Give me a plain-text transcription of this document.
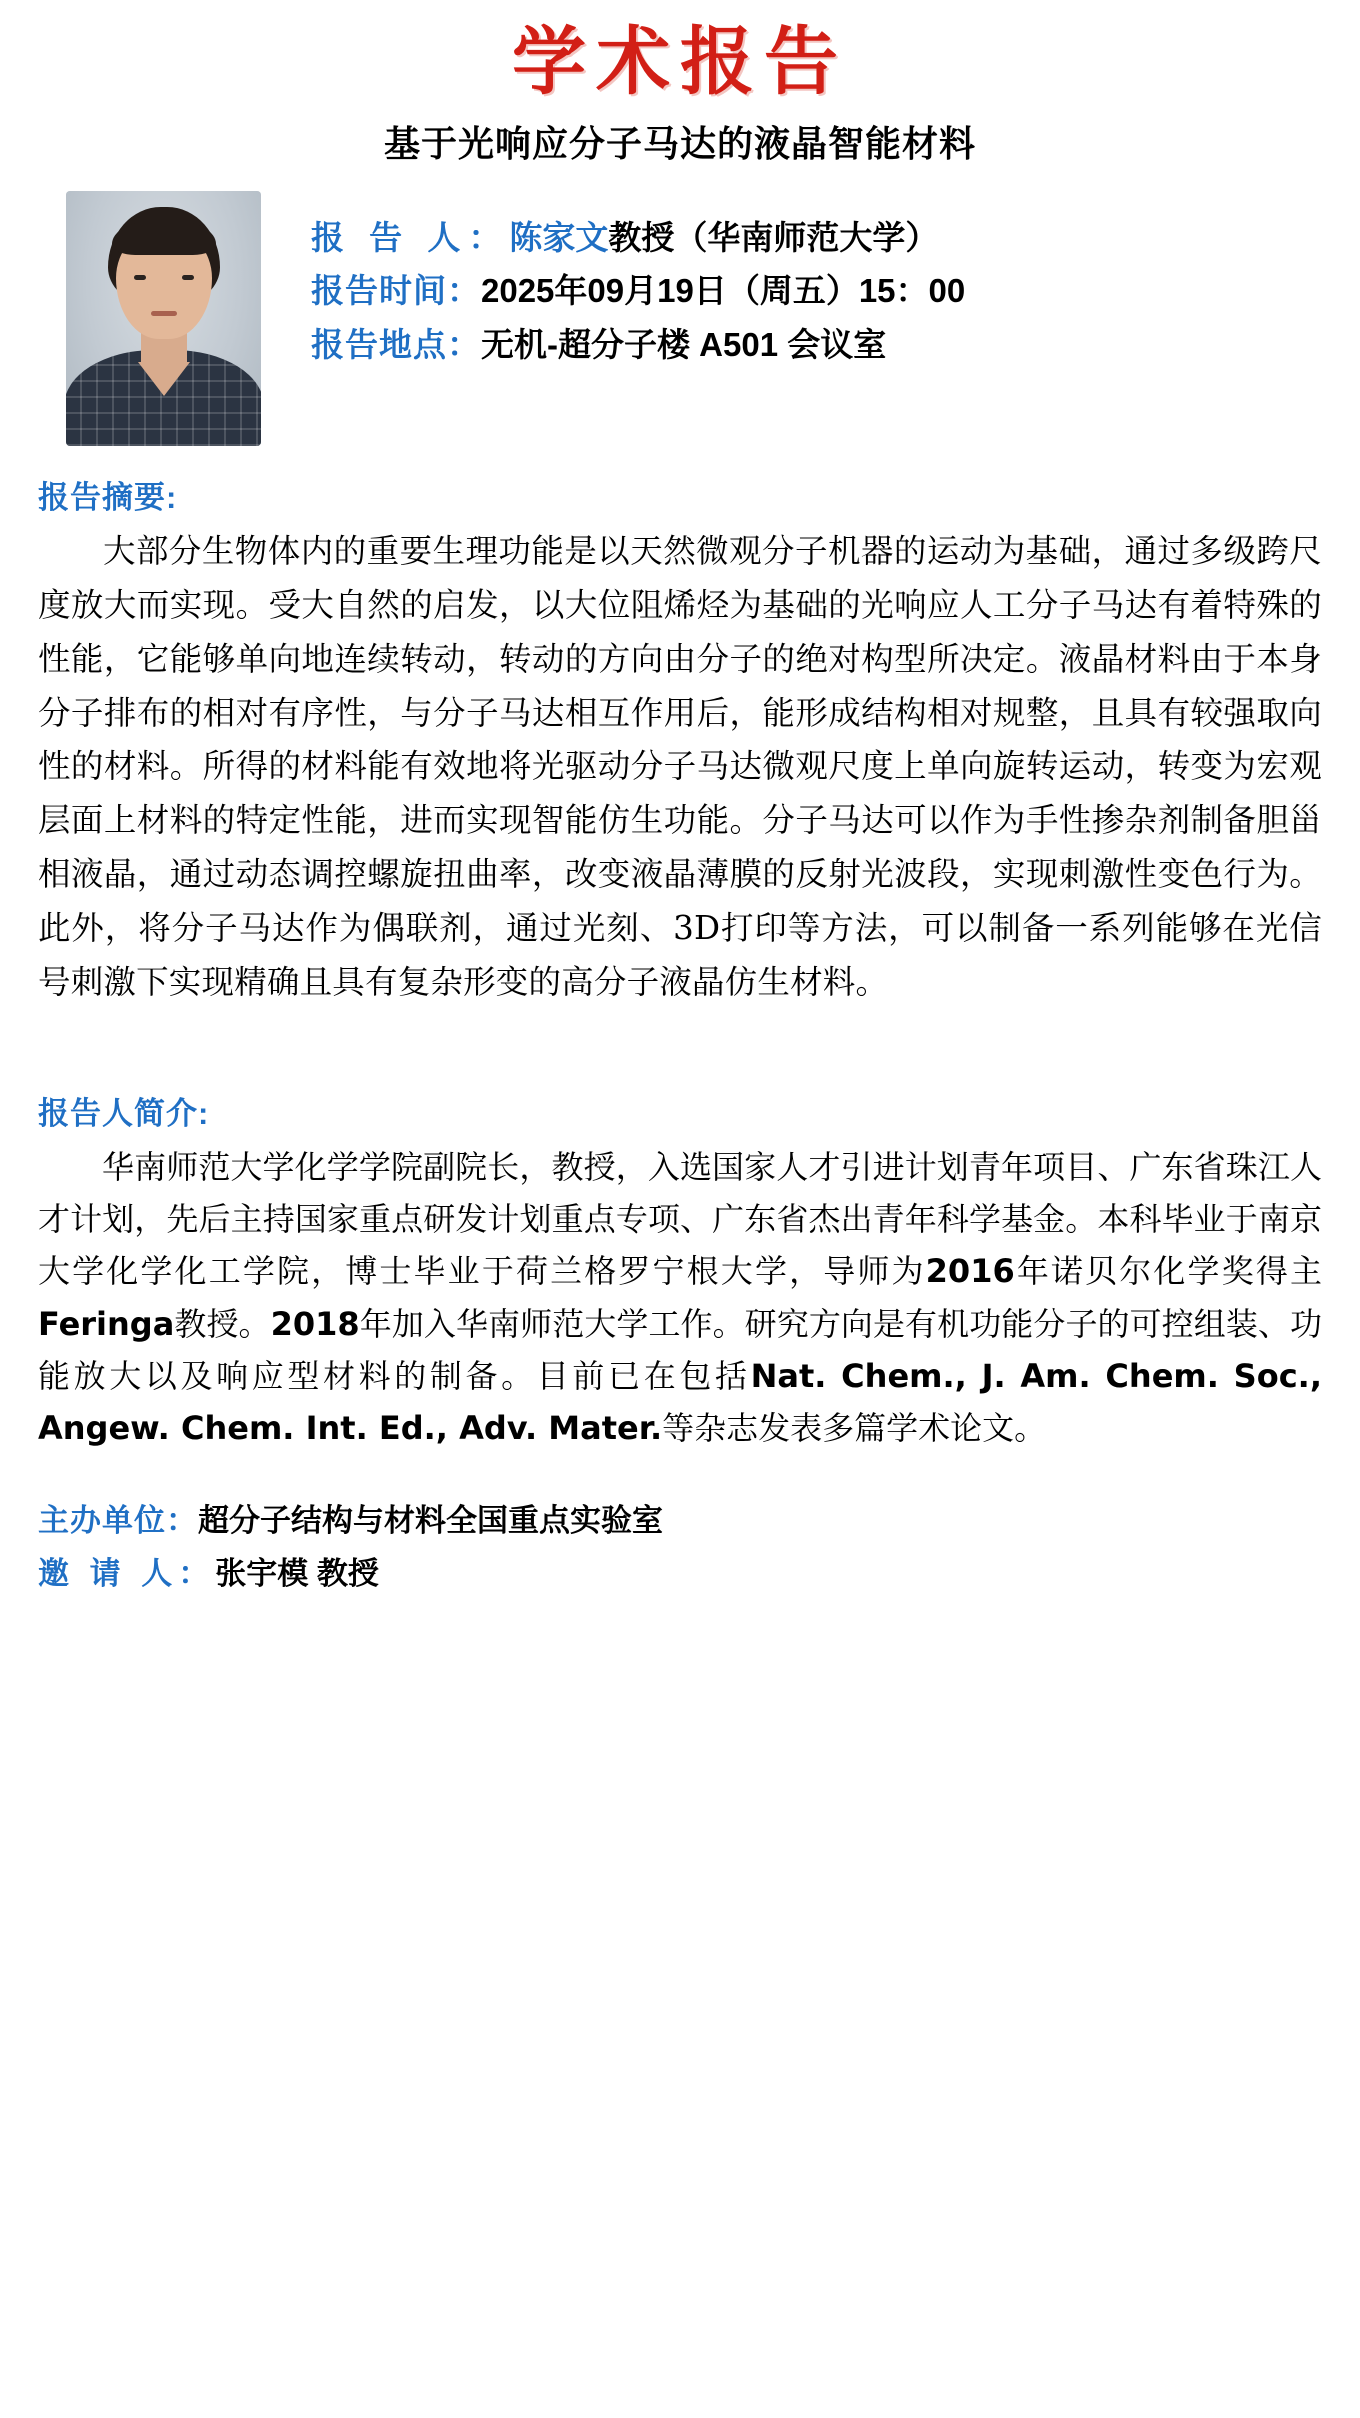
学术报告
基于光响应分子马达的液晶智能材料
报 告 人：陈家文教授（华南师范大学）
报告时间：2025年09月19日（周五）15：00
报告地点：无机-超分子楼 A501 会议室
报告摘要:

大部分生物体内的重要生理功能是以天然微观分子机器的运动为基础，通过多级跨尺度放大而实现。受大自然的启发，以大位阻烯烃为基础的光响应人工分子马达有着特殊的性能，它能够单向地连续转动，转动的方向由分子的绝对构型所决定。液晶材料由于本身分子排布的相对有序性，与分子马达相互作用后，能形成结构相对规整，且具有较强取向性的材料。所得的材料能有效地将光驱动分子马达微观尺度上单向旋转运动，转变为宏观层面上材料的特定性能，进而实现智能仿生功能。分子马达可以作为手性掺杂剂制备胆甾相液晶，通过动态调控螺旋扭曲率，改变液晶薄膜的反射光波段，实现刺激性变色行为。此外，将分子马达作为偶联剂，通过光刻、3D打印等方法，可以制备一系列能够在光信号刺激下实现精确且具有复杂形变的高分子液晶仿生材料。

报告人简介:

华南师范大学化学学院副院长，教授，入选国家人才引进计划青年项目、广东省珠江人才计划，先后主持国家重点研发计划重点专项、广东省杰出青年科学基金。本科毕业于南京大学化学化工学院，博士毕业于荷兰格罗宁根大学，导师为2016年诺贝尔化学奖得主Feringa教授。2018年加入华南师范大学工作。研究方向是有机功能分子的可控组装、功能放大以及响应型材料的制备。目前已在包括Nat. Chem., J. Am. Chem. Soc., Angew. Chem. Int. Ed., Adv. Mater.等杂志发表多篇学术论文。

主办单位：超分子结构与材料全国重点实验室
邀 请 人：张宇模 教授
